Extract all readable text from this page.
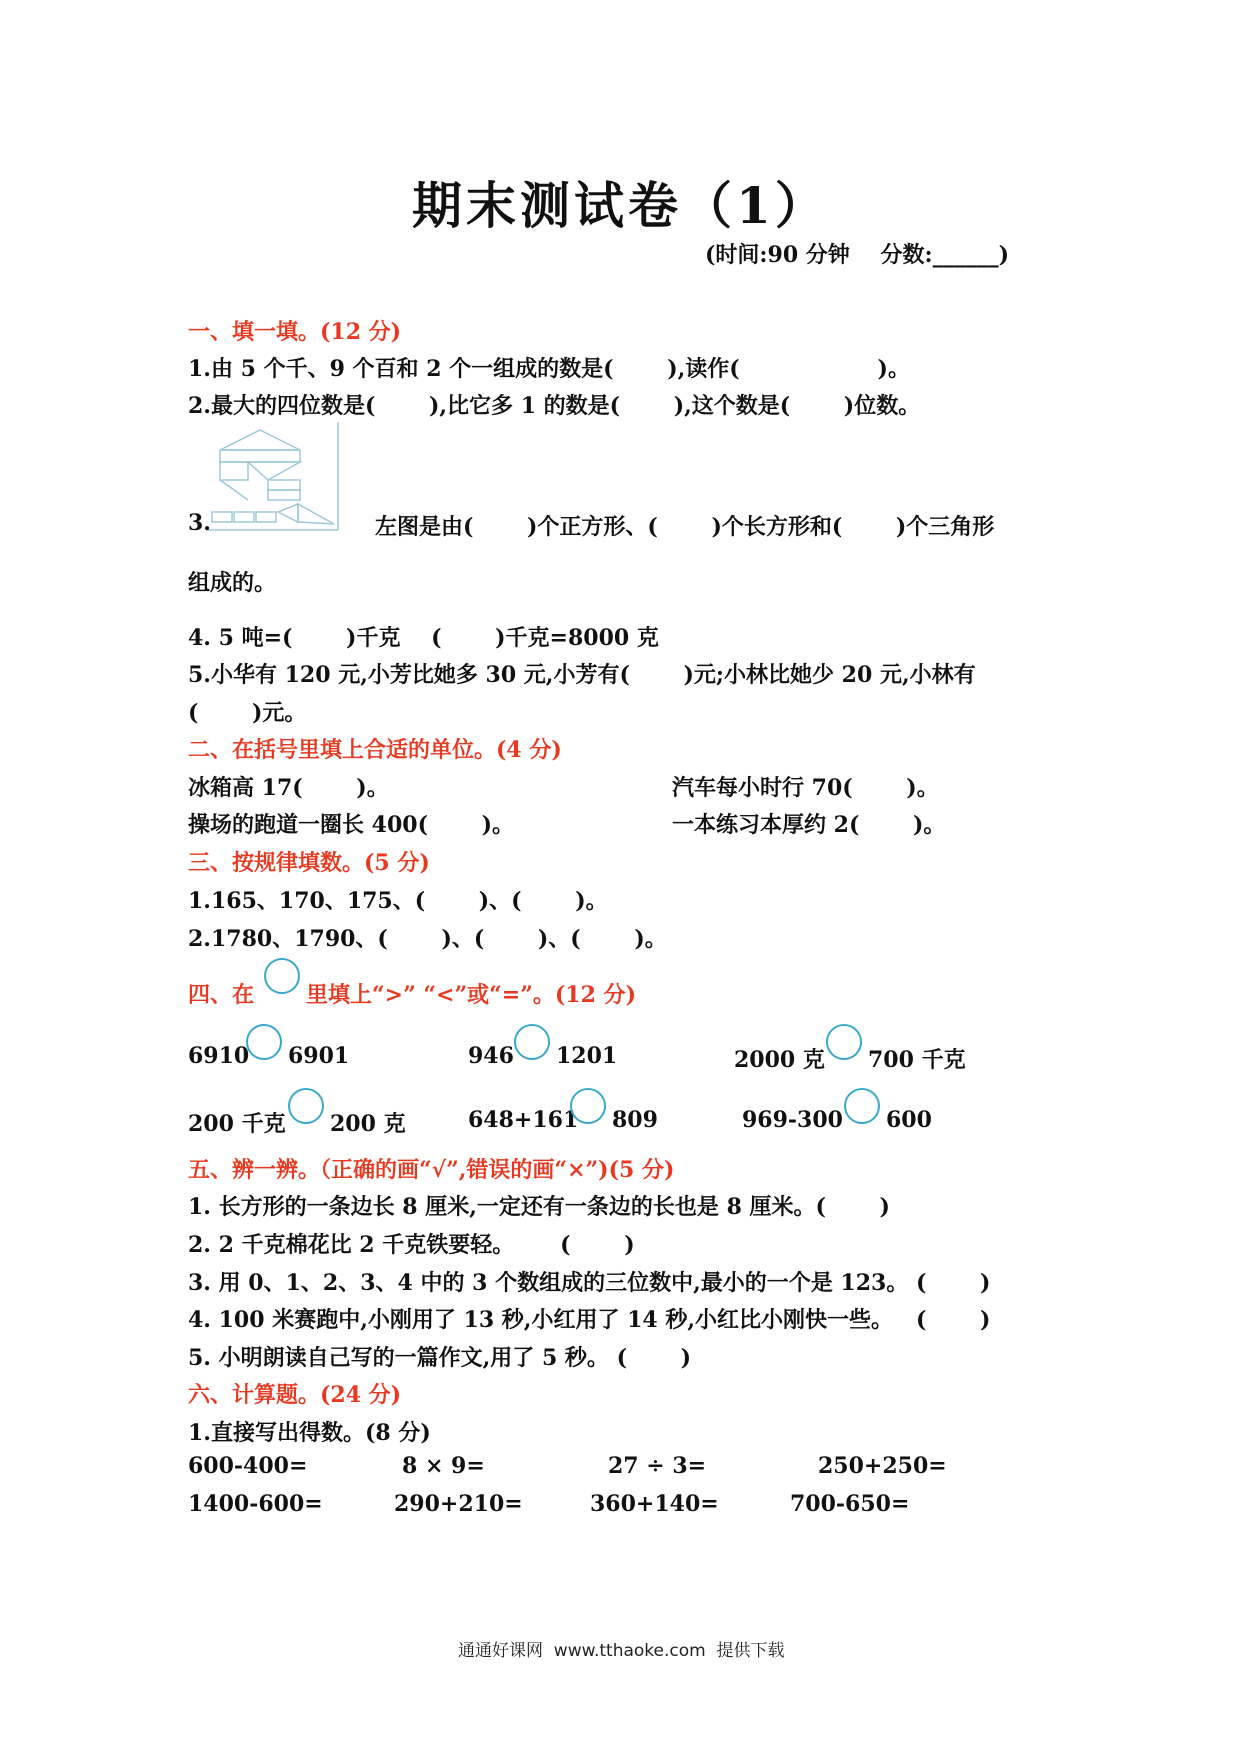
期末测试卷（1）
(时间:90 分钟    分数:______)
一、填一填。(12 分)
1.由 5 个千、9 个百和 2 个一组成的数是(       ),读作(                  )。
2.最大的四位数是(       ),比它多 1 的数是(       ),这个数是(       )位数。
3.	左图是由(       )个正方形、(       )个长方形和(       )个三角形
组成的。
4. 5 吨=(       )千克    (       )千克=8000 克
5.小华有 120 元,小芳比她多 30 元,小芳有(       )元;小林比她少 20 元,小林有
(       )元。
二、在括号里填上合适的单位。(4 分)
冰箱高 17(       )。	汽车每小时行 70(       )。
操场的跑道一圈长 400(       )。	一本练习本厚约 2(       )。
三、按规律填数。(5 分)
1.165、170、175、(       )、(       )。
2.1780、1790、(       )、(       )、(       )。
四、在 里填上“>” “<”或“=”。(12 分)
6910 6901	946 1201	2000 克 700 千克
200 千克 200 克	648+161 809	969-300 600
五、辨一辨。（正确的画“√”,错误的画“×”)(5 分)
1. 长方形的一条边长 8 厘米,一定还有一条边的长也是 8 厘米。(       )
2. 2 千克棉花比 2 千克铁要轻。      (       )
3. 用 0、1、2、3、4 中的 3 个数组成的三位数中,最小的一个是 123。 (       )
4. 100 米赛跑中,小刚用了 13 秒,小红用了 14 秒,小红比小刚快一些。   (       )
5. 小明朗读自己写的一篇作文,用了 5 秒。 (       )
六、计算题。(24 分)
1.直接写出得数。(8 分)
600-400=	8 × 9=	27 ÷ 3=	250+250=
1400-600=	290+210=	360+140=	700-650=
通通好课网  www.tthaoke.com  提供下载
